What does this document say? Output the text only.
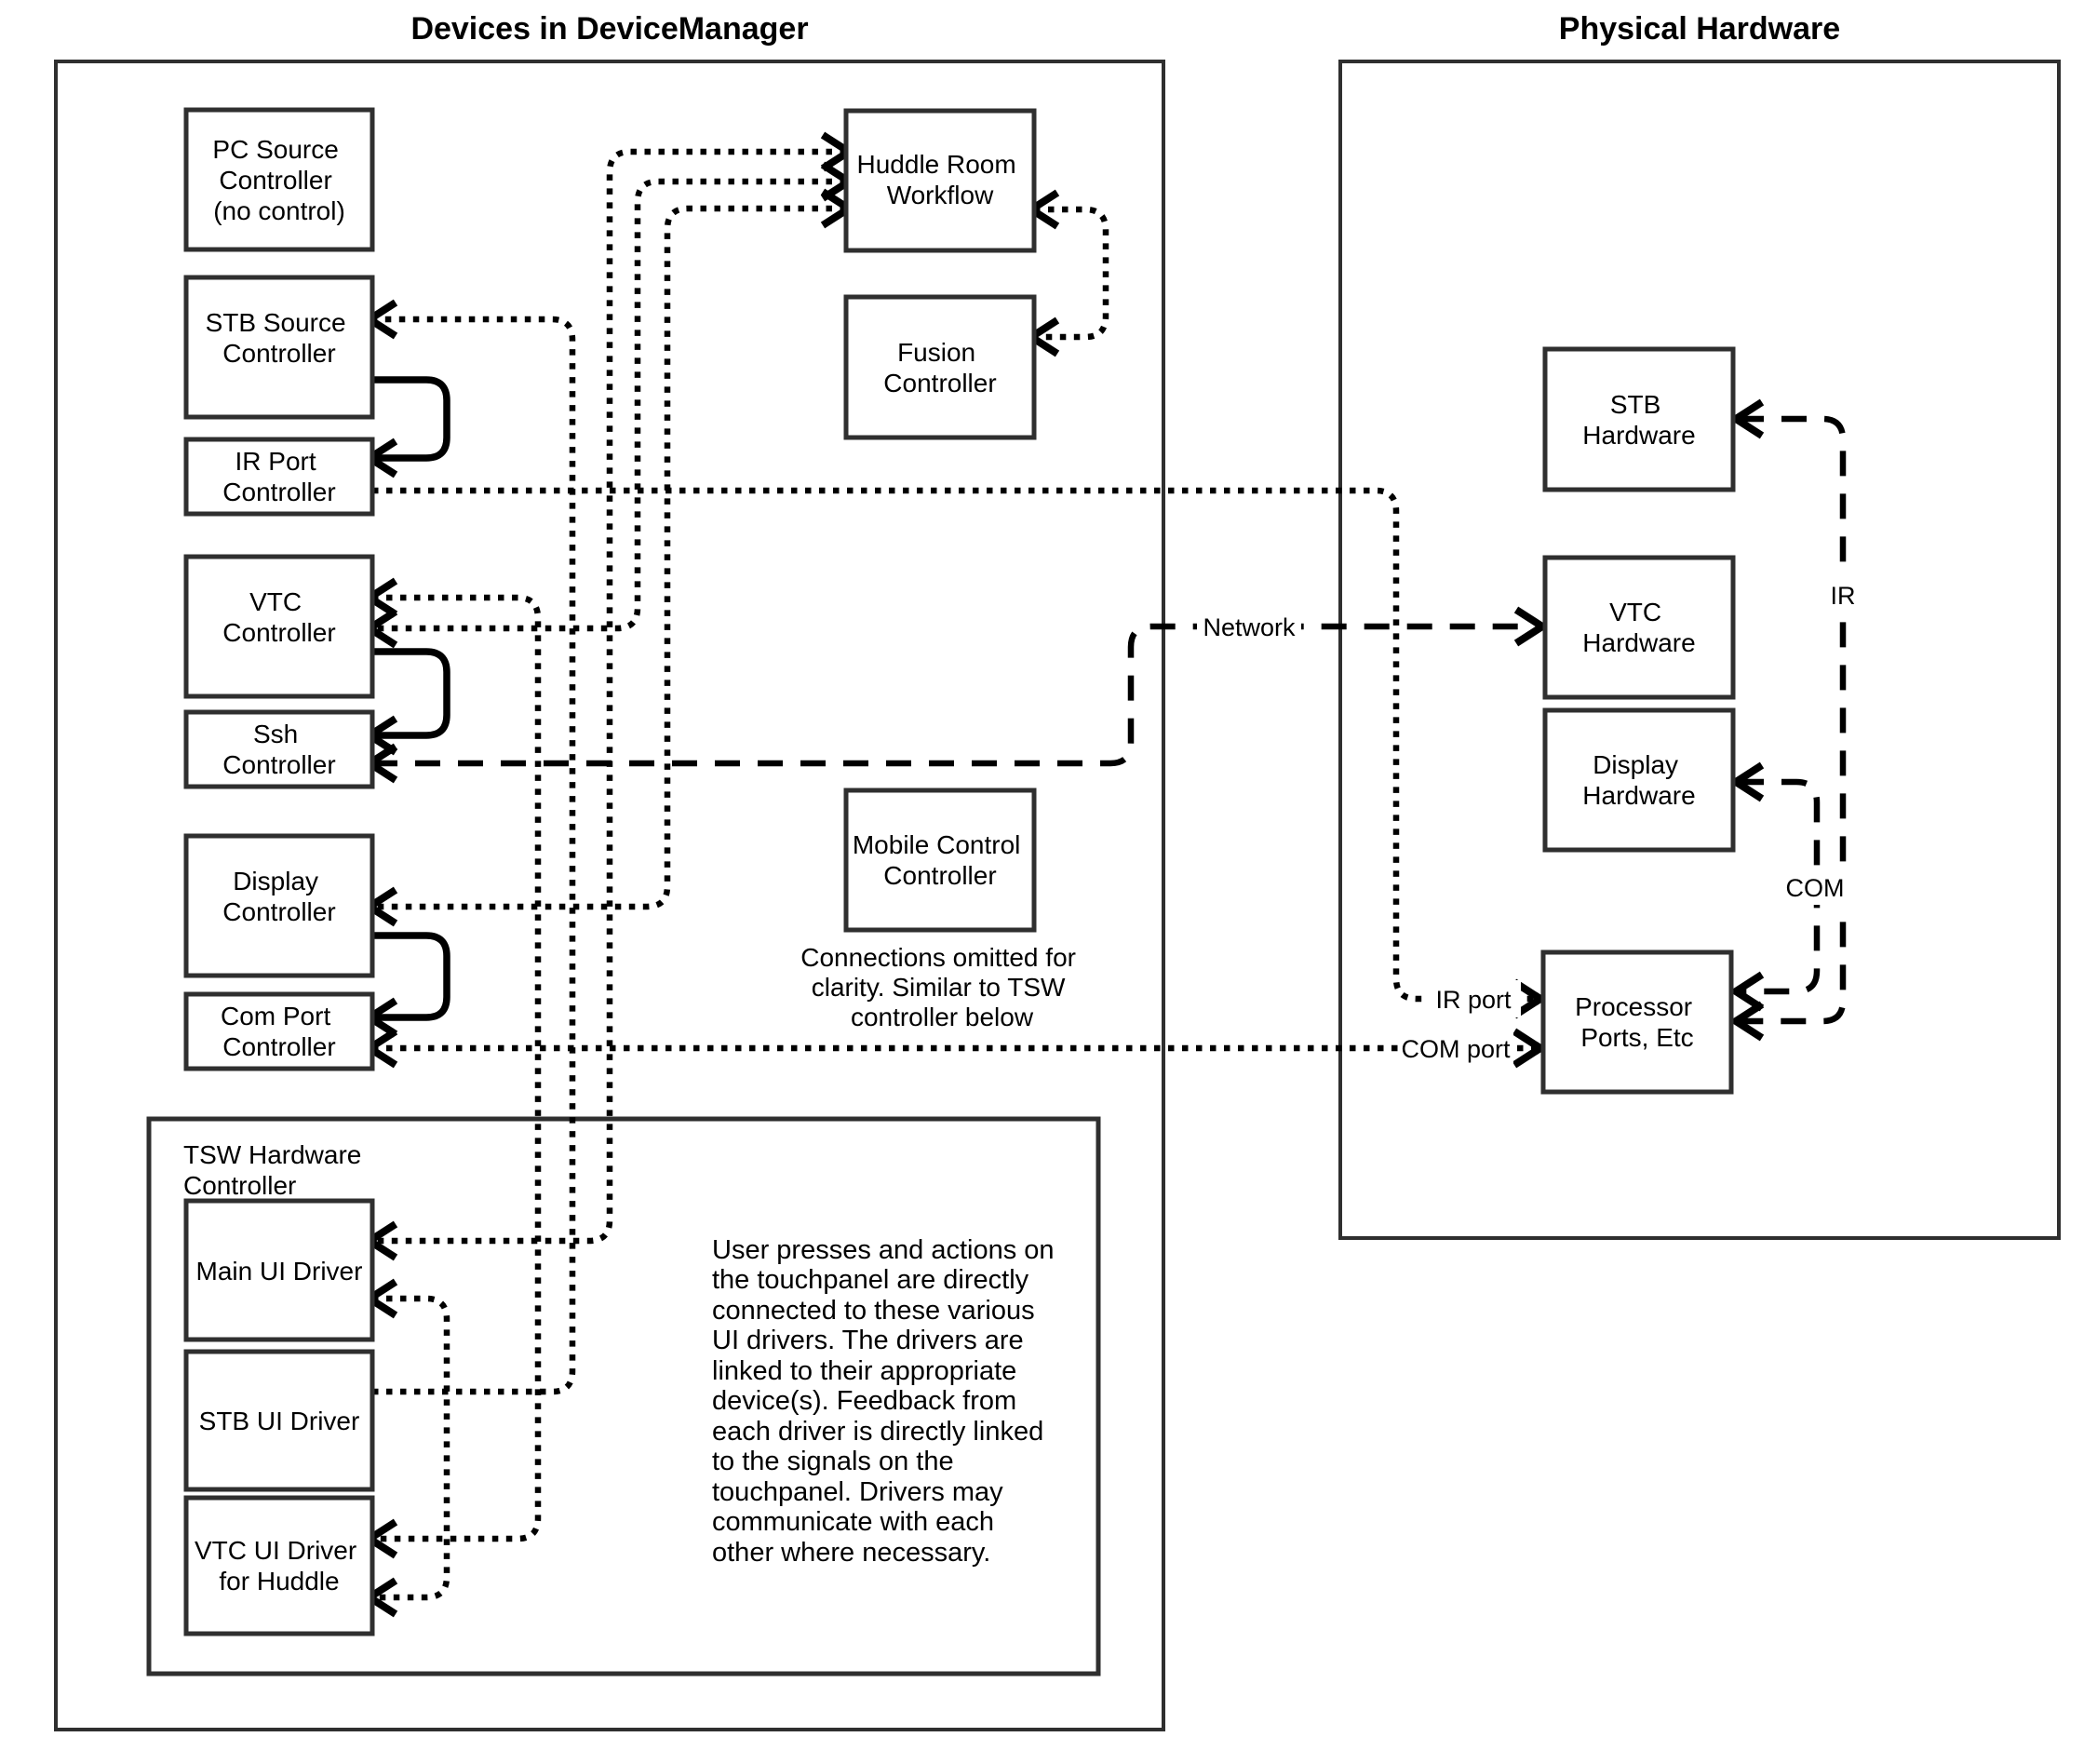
Devices in DeviceManager	Physical Hardware
TSW Hardware Controller
Network
IR
COM
IR port
COM port
PC Source Controller (no control)
STB Source Controller
IR Port Controller
VTC Controller
Ssh Controller
Display Controller
Com Port Controller
Main UI Driver
STB UI Driver
VTC UI Driver for Huddle
Huddle Room Workflow
Fusion Controller
Mobile Control Controller
Connections omitted for clarity. Similar to TSW controller below
User presses and actions on the touchpanel are directly connected to these various UI drivers. The drivers are linked to their appropriate device(s). Feedback from each driver is directly linked to the signals on the touchpanel. Drivers may communicate with each other where necessary.
STB Hardware
VTC Hardware
Display Hardware
Processor Ports, Etc
